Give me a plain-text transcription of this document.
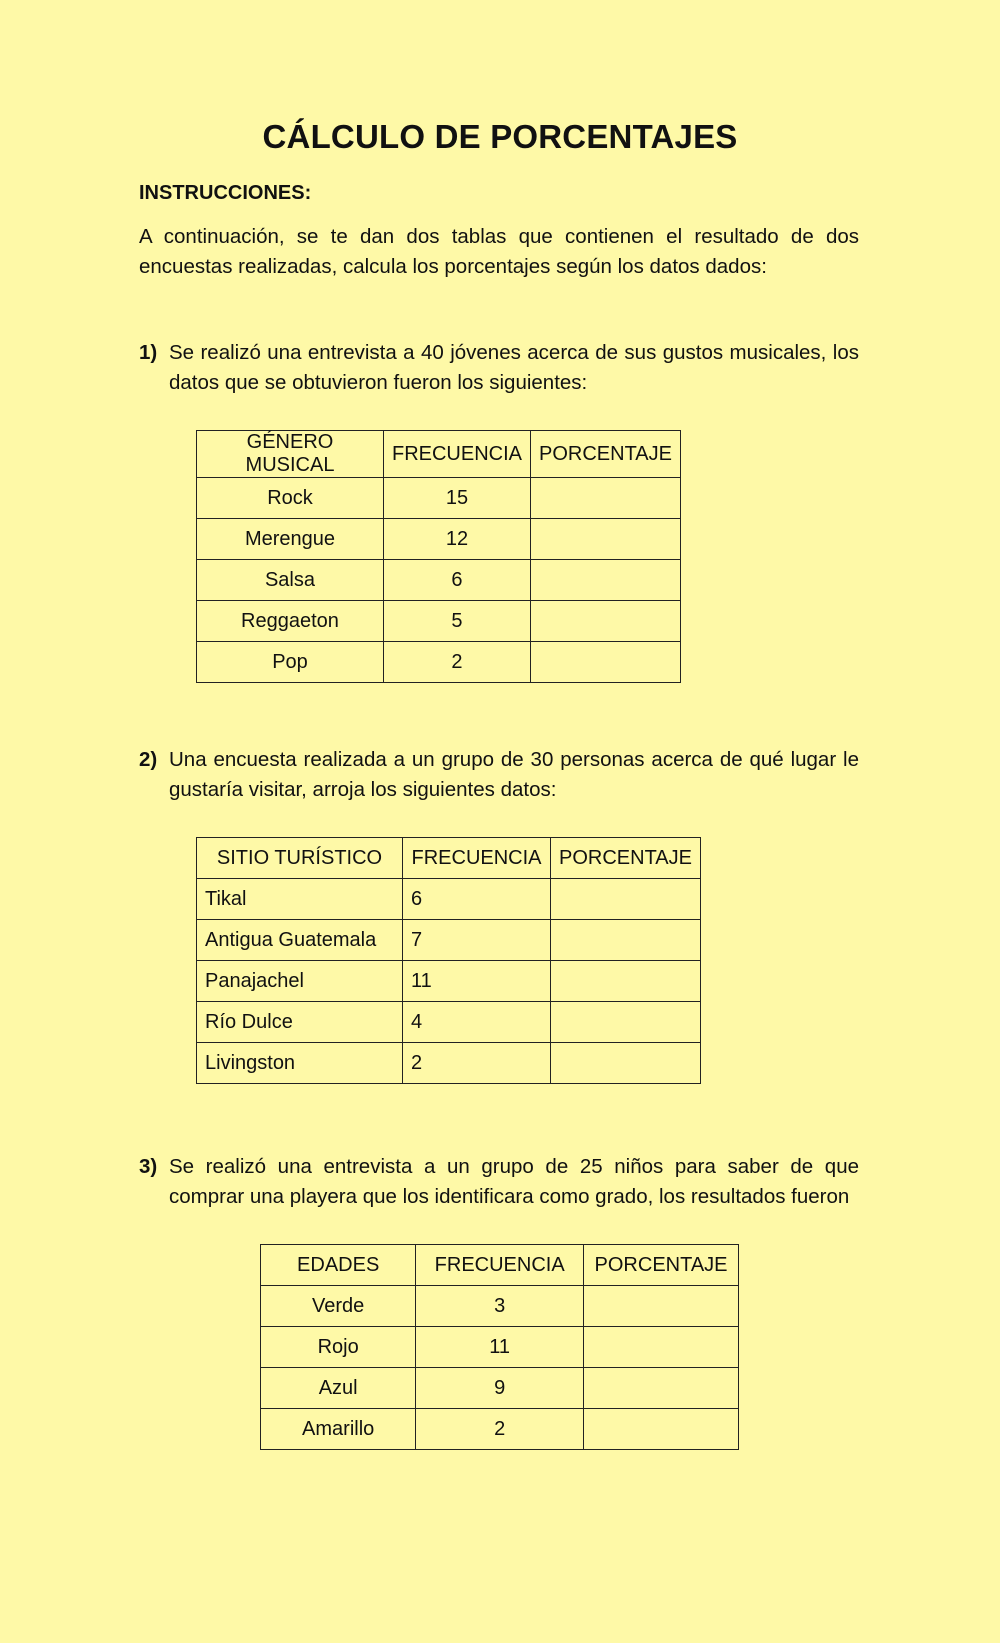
CÁLCULO DE PORCENTAJES
INSTRUCCIONES:
A continuación, se te dan dos tablas que contienen el resultado de dos encuestas realizadas, calcula los porcentajes según los datos dados:
1) Se realizó una entrevista a 40 jóvenes acerca de sus gustos musicales, los datos que se obtuvieron fueron los siguientes:
GÉNERO MUSICAL	FRECUENCIA	PORCENTAJE
Rock	15	
Merengue	12	
Salsa	6	
Reggaeton	5	
Pop	2	
2) Una encuesta realizada a un grupo de 30 personas acerca de qué lugar le gustaría visitar, arroja los siguientes datos:
SITIO TURÍSTICO	FRECUENCIA	PORCENTAJE
Tikal	6	
Antigua Guatemala	7	
Panajachel	11	
Río Dulce	4	
Livingston	2	
3) Se realizó una entrevista a un grupo de 25 niños para saber de que comprar una playera que los identificara como grado, los resultados fueron
EDADES	FRECUENCIA	PORCENTAJE
Verde	3	
Rojo	11	
Azul	9	
Amarillo	2	
